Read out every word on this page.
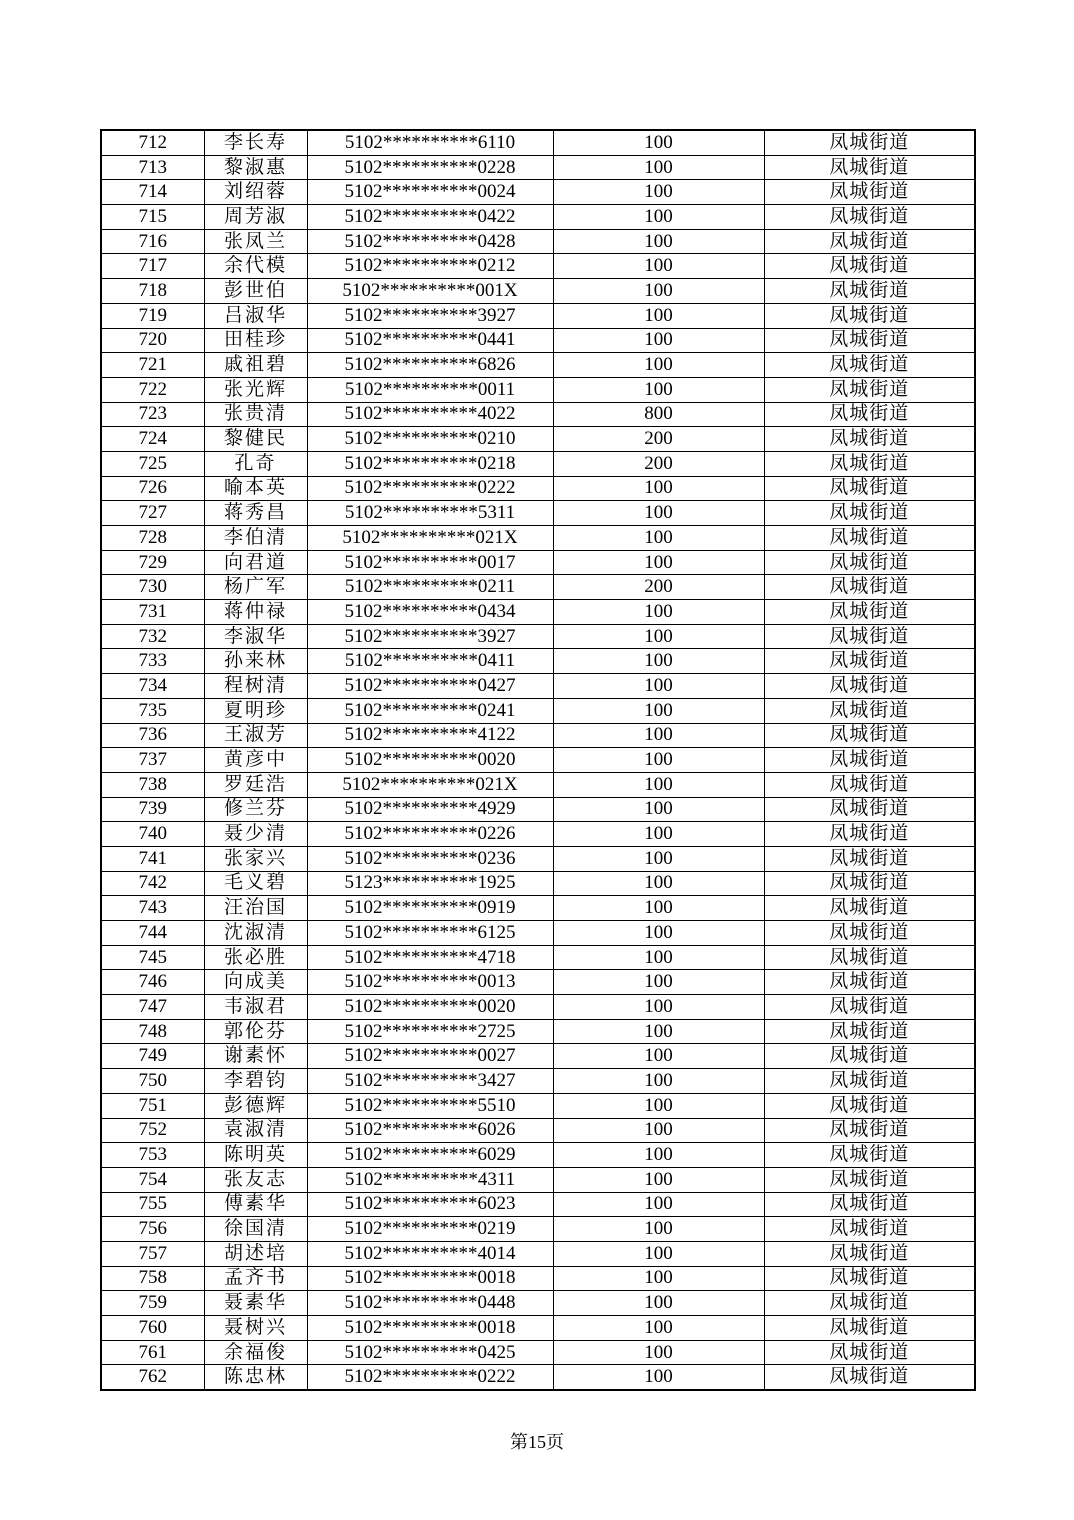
712	李长寿	5102**********6110	100	凤城街道
713	黎淑惠	5102**********0228	100	凤城街道
714	刘绍蓉	5102**********0024	100	凤城街道
715	周芳淑	5102**********0422	100	凤城街道
716	张凤兰	5102**********0428	100	凤城街道
717	余代模	5102**********0212	100	凤城街道
718	彭世伯	5102**********001X	100	凤城街道
719	吕淑华	5102**********3927	100	凤城街道
720	田桂珍	5102**********0441	100	凤城街道
721	戚祖碧	5102**********6826	100	凤城街道
722	张光辉	5102**********0011	100	凤城街道
723	张贵清	5102**********4022	800	凤城街道
724	黎健民	5102**********0210	200	凤城街道
725	孔奇	5102**********0218	200	凤城街道
726	喻本英	5102**********0222	100	凤城街道
727	蒋秀昌	5102**********5311	100	凤城街道
728	李伯清	5102**********021X	100	凤城街道
729	向君道	5102**********0017	100	凤城街道
730	杨广军	5102**********0211	200	凤城街道
731	蒋仲禄	5102**********0434	100	凤城街道
732	李淑华	5102**********3927	100	凤城街道
733	孙来林	5102**********0411	100	凤城街道
734	程树清	5102**********0427	100	凤城街道
735	夏明珍	5102**********0241	100	凤城街道
736	王淑芳	5102**********4122	100	凤城街道
737	黄彦中	5102**********0020	100	凤城街道
738	罗廷浩	5102**********021X	100	凤城街道
739	修兰芬	5102**********4929	100	凤城街道
740	聂少清	5102**********0226	100	凤城街道
741	张家兴	5102**********0236	100	凤城街道
742	毛义碧	5123**********1925	100	凤城街道
743	汪治国	5102**********0919	100	凤城街道
744	沈淑清	5102**********6125	100	凤城街道
745	张必胜	5102**********4718	100	凤城街道
746	向成美	5102**********0013	100	凤城街道
747	韦淑君	5102**********0020	100	凤城街道
748	郭伦芬	5102**********2725	100	凤城街道
749	谢素怀	5102**********0027	100	凤城街道
750	李碧钧	5102**********3427	100	凤城街道
751	彭德辉	5102**********5510	100	凤城街道
752	袁淑清	5102**********6026	100	凤城街道
753	陈明英	5102**********6029	100	凤城街道
754	张友志	5102**********4311	100	凤城街道
755	傅素华	5102**********6023	100	凤城街道
756	徐国清	5102**********0219	100	凤城街道
757	胡述培	5102**********4014	100	凤城街道
758	孟齐书	5102**********0018	100	凤城街道
759	聂素华	5102**********0448	100	凤城街道
760	聂树兴	5102**********0018	100	凤城街道
761	余福俊	5102**********0425	100	凤城街道
762	陈忠林	5102**********0222	100	凤城街道
第15页
